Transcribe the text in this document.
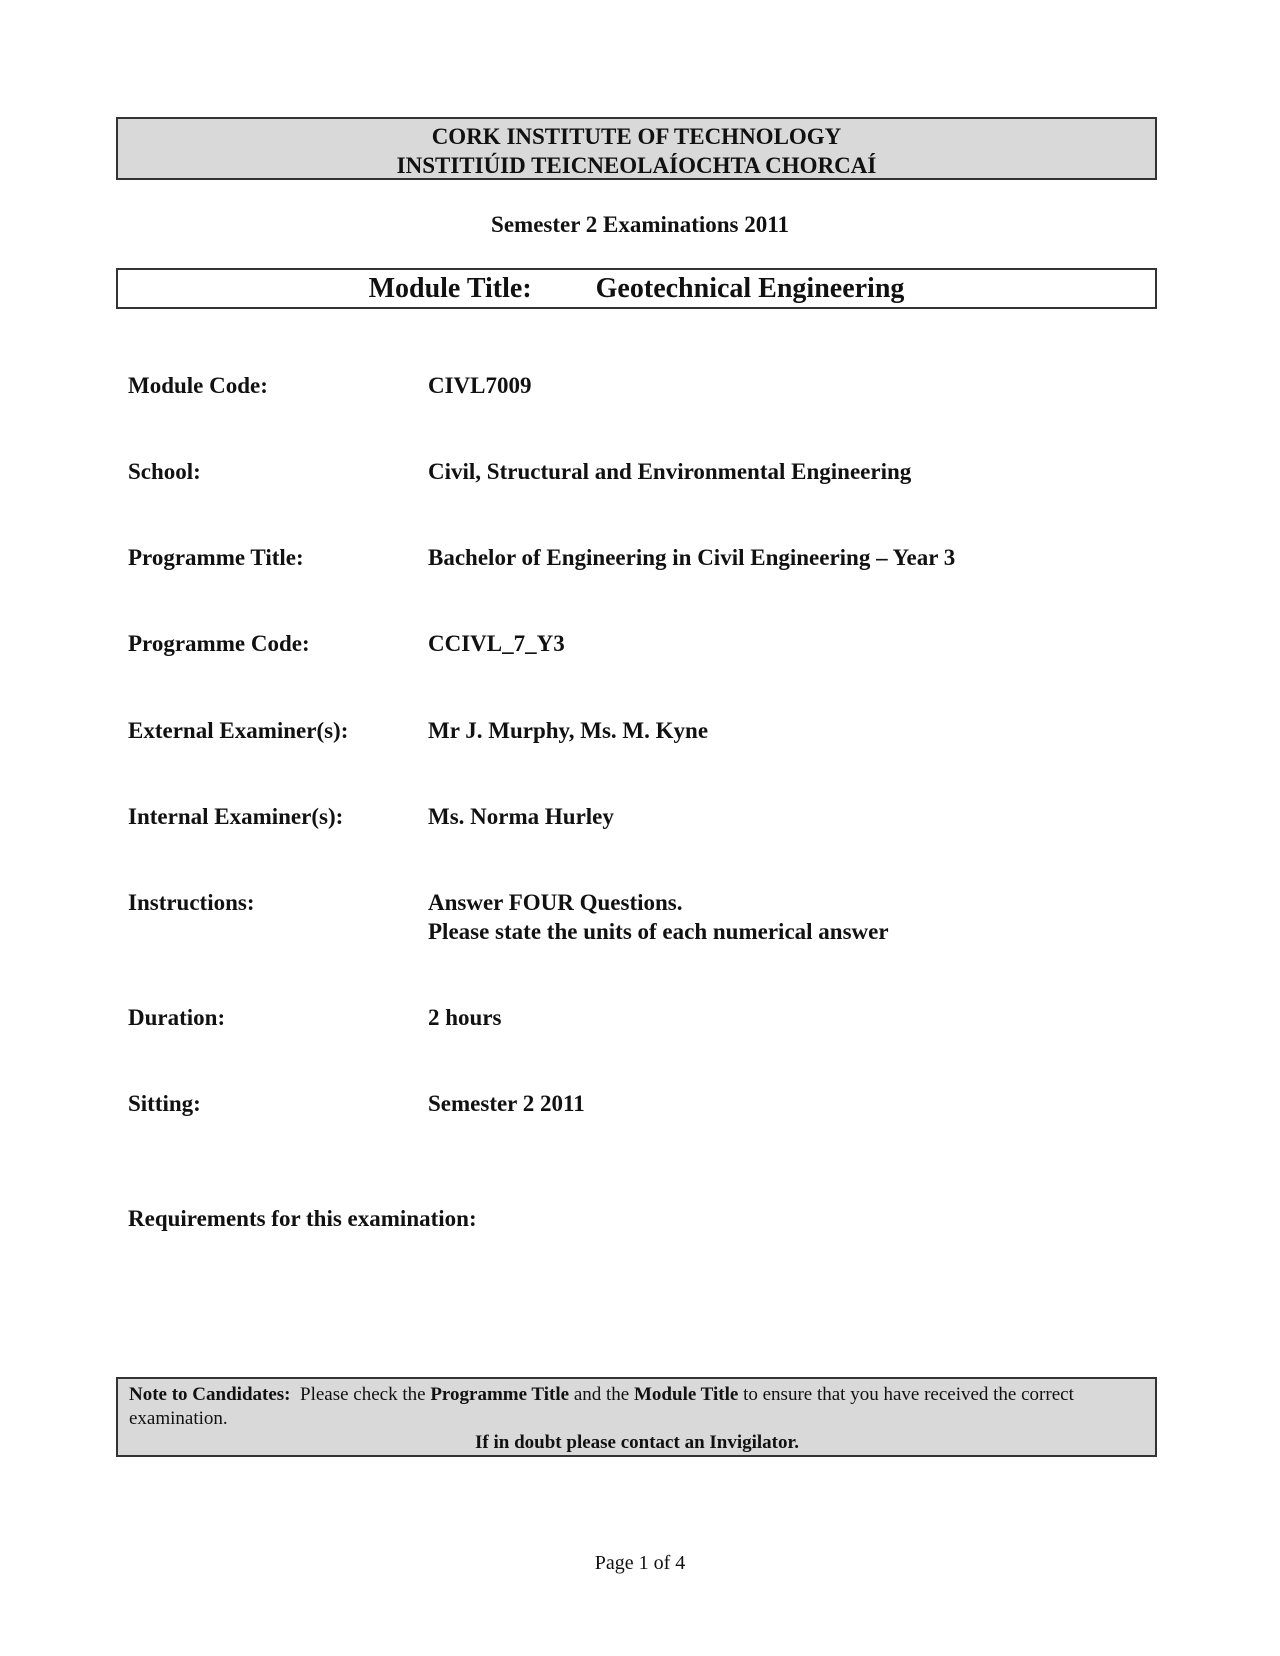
CORK INSTITUTE OF TECHNOLOGY
INSTITIÚID TEICNEOLAÍOCHTA CHORCAÍ
Semester 2 Examinations 2011
Module Title: Geotechnical Engineering
Module Code:	CIVL7009
School:	Civil, Structural and Environmental Engineering
Programme Title:	Bachelor of Engineering in Civil Engineering – Year 3
Programme Code:	CCIVL_7_Y3
External Examiner(s):	Mr J. Murphy, Ms. M. Kyne
Internal Examiner(s):	Ms. Norma Hurley
Instructions:	Answer FOUR Questions.
Please state the units of each numerical answer
Duration:	2 hours
Sitting:	Semester 2 2011
Requirements for this examination:
Note to Candidates: Please check the Programme Title and the Module Title to ensure that you have received the correct examination.
If in doubt please contact an Invigilator.
Page 1 of 4
